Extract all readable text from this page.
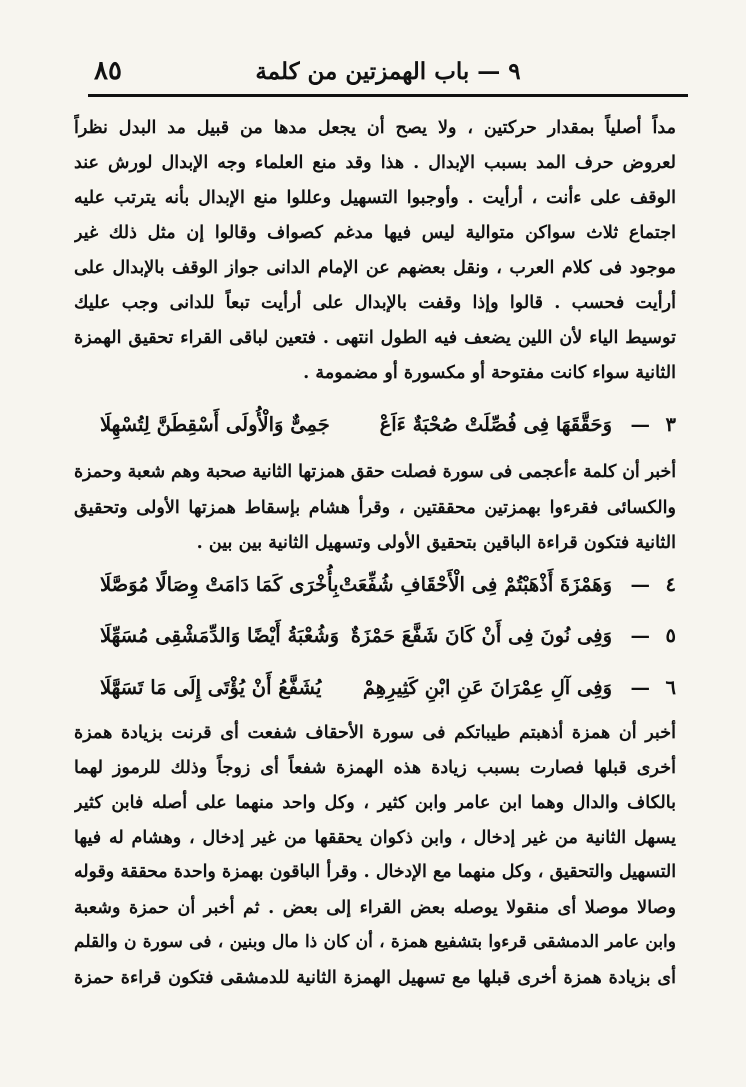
٨٥	٩ — باب الهمزتين من كلمة
مداً أصلياً بمقدار حركتين ، ولا يصح أن يجعل مدها من قبيل مد البدل نظراً
لعروض حرف المد بسبب الإبدال . هذا وقد منع العلماء وجه الإبدال لورش عند
الوقف على ءأنت ، أرأيت . وأوجبوا التسهيل وعللوا منع الإبدال بأنه يترتب عليه
اجتماع ثلاث سواكن متوالية ليس فيها مدغم كصواف وقالوا إن مثل ذلك غير
موجود فى كلام العرب ، ونقل بعضهم عن الإمام الدانى جواز الوقف بالإبدال على
أرأيت فحسب . قالوا وإذا وقفت بالإبدال على أرأيت تبعاً للدانى وجب عليك
توسيط الياء لأن اللين يضعف فيه الطول انتهى . فتعين لباقى القراء تحقيق الهمزة
الثانية سواء كانت مفتوحة أو مكسورة أو مضمومة .
٣
—
وَحَقَّقَهَا فِى فُصِّلَتْ صُحْبَةٌ ءَاَعْ
جَمِىٌّ وَالْأُولَى أَسْقِطَنَّ لِتُسْهِلَا
أخبر أن كلمة ءأعجمى فى سورة فصلت حقق همزتها الثانية صحبة وهم شعبة وحمزة
والكسائى فقرءوا بهمزتين محققتين ، وقرأ هشام بإسقاط همزتها الأولى وتحقيق
الثانية فتكون قراءة الباقين بتحقيق الأولى وتسهيل الثانية بين بين .
٤
—
وَهَمْزَةَ أَذْهَبْتُمْ فِى الْأَحْقَافِ شُفِّعَتْ
بِأُخْرَى كَمَا دَامَتْ وِصَالًا مُوَصَّلَا
٥
—
وَفِى نُونَ فِى أَنْ كَانَ شَفَّعَ حَمْزَةٌ
وَشُعْبَةُ أَيْضًا وَالدِّمَشْقِى مُسَهِّلَا
٦
—
وَفِى آلِ عِمْرَانَ عَنِ ابْنِ كَثِيرِهِمْ
يُشَفَّعُ أَنْ يُؤْتَى إِلَى مَا تَسَهَّلَا
أخبر أن همزة أذهبتم طيباتكم فى سورة الأحقاف شفعت أى قرنت بزيادة همزة
أخرى قبلها فصارت بسبب زيادة هذه الهمزة شفعاً أى زوجاً وذلك للرموز لهما
بالكاف والدال وهما ابن عامر وابن كثير ، وكل واحد منهما على أصله فابن كثير
يسهل الثانية من غير إدخال ، وابن ذكوان يحققها من غير إدخال ، وهشام له فيها
التسهيل والتحقيق ، وكل منهما مع الإدخال . وقرأ الباقون بهمزة واحدة محققة وقوله
وصالا موصلا أى منقولا يوصله بعض القراء إلى بعض . ثم أخبر أن حمزة وشعبة
وابن عامر الدمشقى قرءوا بتشفيع همزة ، أن كان ذا مال وبنين ، فى سورة ن والقلم
أى بزيادة همزة أخرى قبلها مع تسهيل الهمزة الثانية للدمشقى فتكون قراءة حمزة
